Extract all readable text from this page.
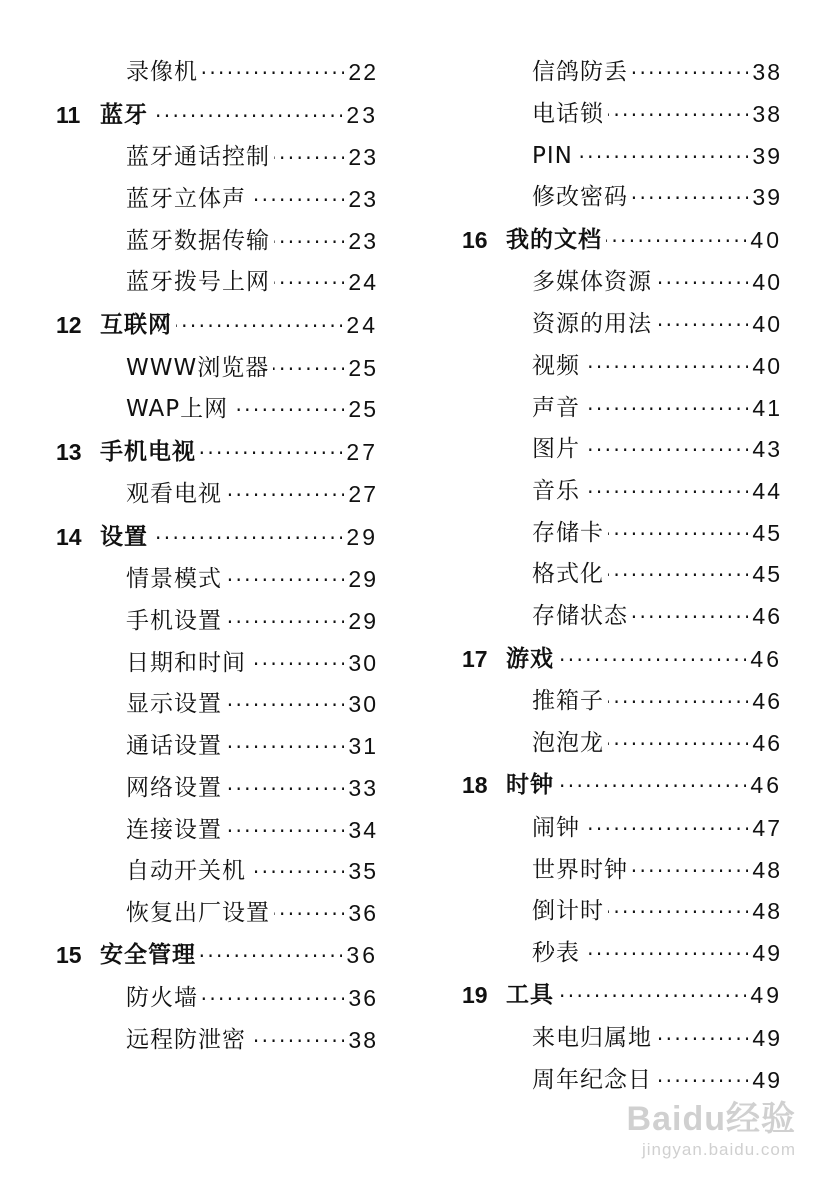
录像机 . . .	22
11 蓝牙 . . .	23
蓝牙通话控制 . . .	23
蓝牙立体声 . . .	23
蓝牙数据传输 . . .	23
蓝牙拨号上网 . . .	24
12 互联网 . . .	24
WWW浏览器 . . .	25
WAP上网 . . .	25
13 手机电视 . . .	27
观看电视 . . .	27
14 设置 . . .	29
情景模式 . . .	29
手机设置 . . .	29
日期和时间 . . .	30
显示设置 . . .	30
通话设置 . . .	31
网络设置 . . .	33
连接设置 . . .	34
自动开关机 . . .	35
恢复出厂设置 . . .	36
15 安全管理 . . .	36
防火墙 . . .	36
远程防泄密 . . .	38
信鸽防丢 . . .	38
电话锁 . . .	38
PIN . . .	39
修改密码 . . .	39
16 我的文档 . . .	40
多媒体资源 . . .	40
资源的用法 . . .	40
视频 . . .	40
声音 . . .	41
图片 . . .	43
音乐 . . .	44
存储卡 . . .	45
格式化 . . .	45
存储状态 . . .	46
17 游戏 . . .	46
推箱子 . . .	46
泡泡龙 . . .	46
18 时钟 . . .	46
闹钟 . . .	47
世界时钟 . . .	48
倒计时 . . .	48
秒表 . . .	49
19 工具 . . .	49
来电归属地 . . .	49
周年纪念日 . . .	49
Baidu经验
jingyan.baidu.com
